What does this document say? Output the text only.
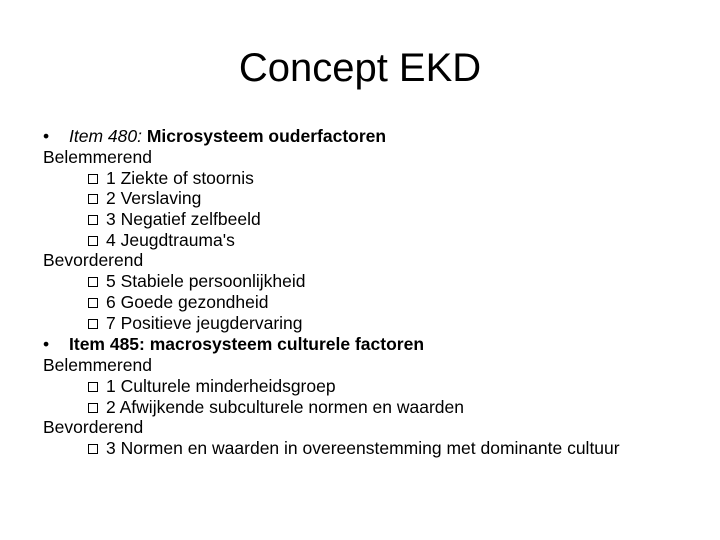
Concept EKD
• Item 480: Microsysteem ouderfactoren
Belemmerend
1 Ziekte of stoornis
2 Verslaving
3 Negatief zelfbeeld
4 Jeugdtrauma's
Bevorderend
5 Stabiele persoonlijkheid
6 Goede gezondheid
7 Positieve jeugdervaring
• Item 485: macrosysteem culturele factoren
Belemmerend
1 Culturele minderheidsgroep
2 Afwijkende subculturele normen en waarden
Bevorderend
3 Normen en waarden in overeenstemming met dominante cultuur
